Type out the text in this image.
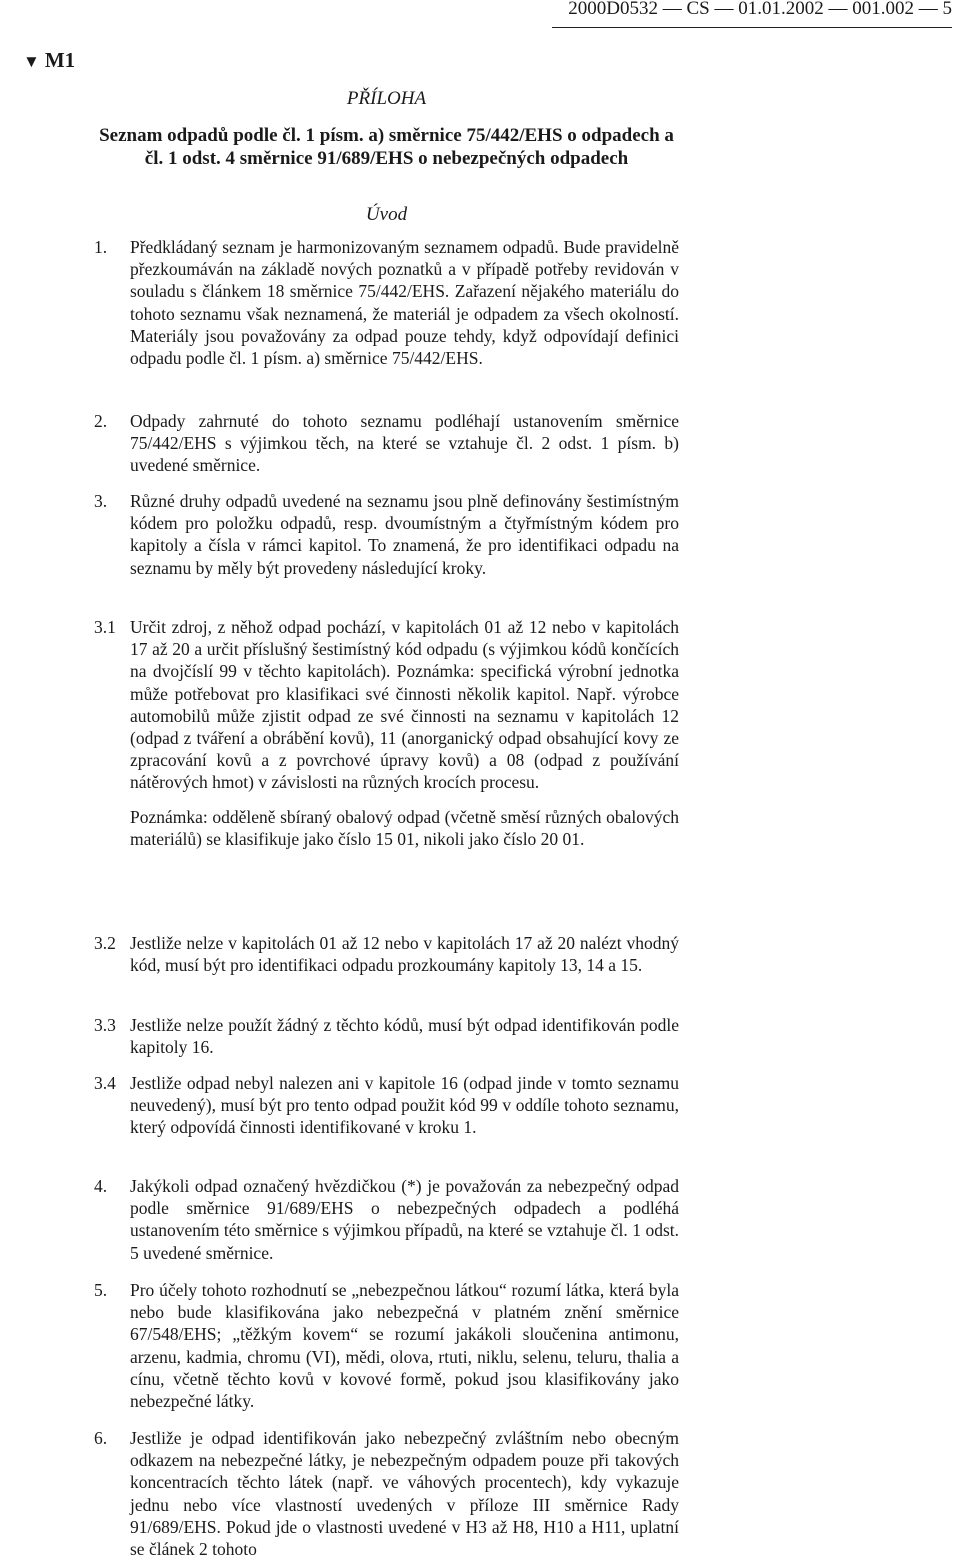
2000D0532 — CS — 01.01.2002 — 001.002 — 5
▼ M1
PŘÍLOHA
Seznam odpadů podle čl. 1 písm. a) směrnice 75/442/EHS o odpadech a čl. 1 odst. 4 směrnice 91/689/EHS o nebezpečných odpadech
Úvod
1. Předkládaný seznam je harmonizovaným seznamem odpadů. Bude pravidelně přezkoumáván na základě nových poznatků a v případě potřeby revidován v souladu s článkem 18 směrnice 75/442/EHS. Zařazení nějakého materiálu do tohoto seznamu však neznamená, že materiál je odpadem za všech okolností. Materiály jsou považovány za odpad pouze tehdy, když odpovídají definici odpadu podle čl. 1 písm. a) směrnice 75/442/EHS.

2. Odpady zahrnuté do tohoto seznamu podléhají ustanovením směrnice 75/442/EHS s výjimkou těch, na které se vztahuje čl. 2 odst. 1 písm. b) uvedené směrnice.

3. Různé druhy odpadů uvedené na seznamu jsou plně definovány šestimístným kódem pro položku odpadů, resp. dvoumístným a čtyřmístným kódem pro kapitoly a čísla v rámci kapitol. To znamená, že pro identifikaci odpadu na seznamu by měly být provedeny následující kroky.

3.1 Určit zdroj, z něhož odpad pochází, v kapitolách 01 až 12 nebo v kapitolách 17 až 20 a určit příslušný šestimístný kód odpadu (s výjimkou kódů končících na dvojčíslí 99 v těchto kapitolách). Poznámka: specifická výrobní jednotka může potřebovat pro klasifikaci své činnosti několik kapitol. Např. výrobce automobilů může zjistit odpad ze své činnosti na seznamu v kapitolách 12 (odpad z tváření a obrábění kovů), 11 (anorganický odpad obsahující kovy ze zpracování kovů a z povrchové úpravy kovů) a 08 (odpad z používání nátěrových hmot) v závislosti na různých krocích procesu.

Poznámka: odděleně sbíraný obalový odpad (včetně směsí různých obalových materiálů) se klasifikuje jako číslo 15 01, nikoli jako číslo 20 01.

3.2 Jestliže nelze v kapitolách 01 až 12 nebo v kapitolách 17 až 20 nalézt vhodný kód, musí být pro identifikaci odpadu prozkoumány kapitoly 13, 14 a 15.

3.3 Jestliže nelze použít žádný z těchto kódů, musí být odpad identifikován podle kapitoly 16.

3.4 Jestliže odpad nebyl nalezen ani v kapitole 16 (odpad jinde v tomto seznamu neuvedený), musí být pro tento odpad použit kód 99 v oddíle tohoto seznamu, který odpovídá činnosti identifikované v kroku 1.

4. Jakýkoli odpad označený hvězdičkou (*) je považován za nebezpečný odpad podle směrnice 91/689/EHS o nebezpečných odpadech a podléhá ustanovením této směrnice s výjimkou případů, na které se vztahuje čl. 1 odst. 5 uvedené směrnice.

5. Pro účely tohoto rozhodnutí se „nebezpečnou látkou“ rozumí látka, která byla nebo bude klasifikována jako nebezpečná v platném znění směrnice 67/548/EHS; „těžkým kovem“ se rozumí jakákoli sloučenina antimonu, arzenu, kadmia, chromu (VI), mědi, olova, rtuti, niklu, selenu, teluru, thalia a cínu, včetně těchto kovů v kovové formě, pokud jsou klasifikovány jako nebezpečné látky.

6. Jestliže je odpad identifikován jako nebezpečný zvláštním nebo obecným odkazem na nebezpečné látky, je nebezpečným odpadem pouze při takových koncentracích těchto látek (např. ve váhových procentech), kdy vykazuje jednu nebo více vlastností uvedených v příloze III směrnice Rady 91/689/EHS. Pokud jde o vlastnosti uvedené v H3 až H8, H10 a H11, uplatní se článek 2 tohoto
